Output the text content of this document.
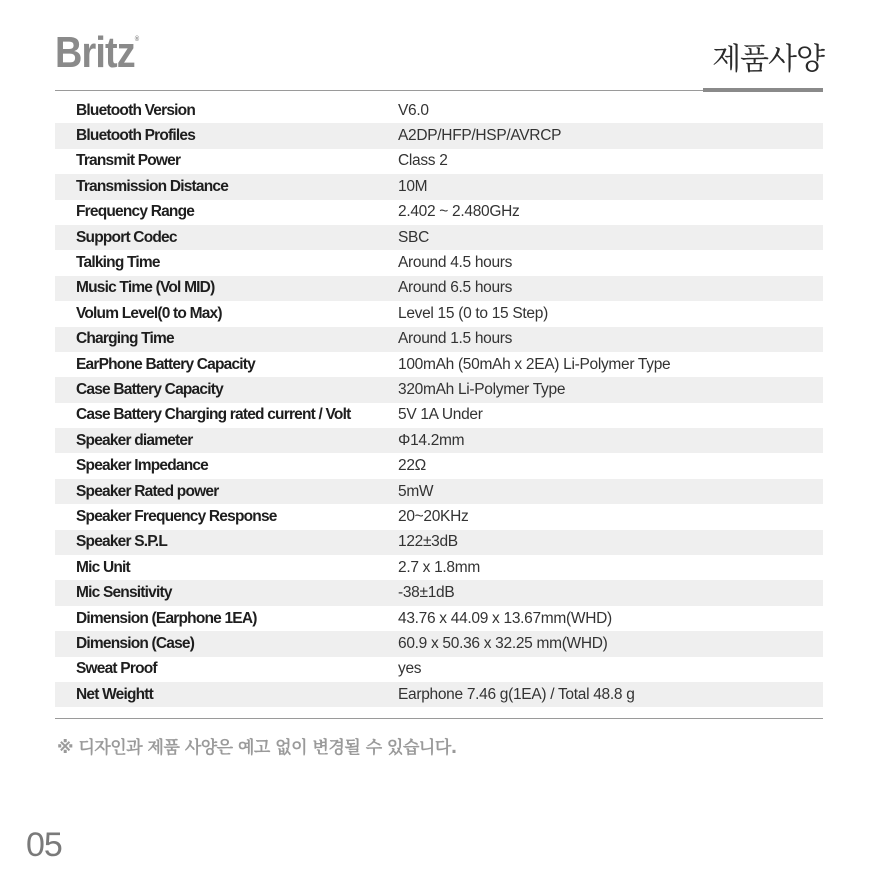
Britz®
제품사양
Bluetooth Version	V6.0
Bluetooth Profiles	A2DP/HFP/HSP/AVRCP
Transmit Power	Class 2
Transmission Distance	10M
Frequency Range	2.402 ~ 2.480GHz
Support Codec	SBC
Talking Time	Around 4.5 hours
Music Time (Vol MID)	Around 6.5 hours
Volum Level(0 to Max)	Level 15 (0 to 15 Step)
Charging Time	Around 1.5 hours
EarPhone Battery Capacity	100mAh (50mAh x 2EA) Li-Polymer Type
Case Battery Capacity	320mAh Li-Polymer Type
Case Battery Charging rated current / Volt	5V 1A Under
Speaker diameter	Φ14.2mm
Speaker Impedance	22Ω
Speaker Rated power	5mW
Speaker Frequency Response	20~20KHz
Speaker S.P.L	122±3dB
Mic Unit	2.7 x 1.8mm
Mic Sensitivity	-38±1dB
Dimension (Earphone 1EA)	43.76 x 44.09 x 13.67mm(WHD)
Dimension (Case)	60.9 x 50.36 x 32.25 mm(WHD)
Sweat Proof	yes
Net Weightt	Earphone 7.46 g(1EA) / Total 48.8 g
※ 디자인과 제품 사양은 예고 없이 변경될 수 있습니다.
05
